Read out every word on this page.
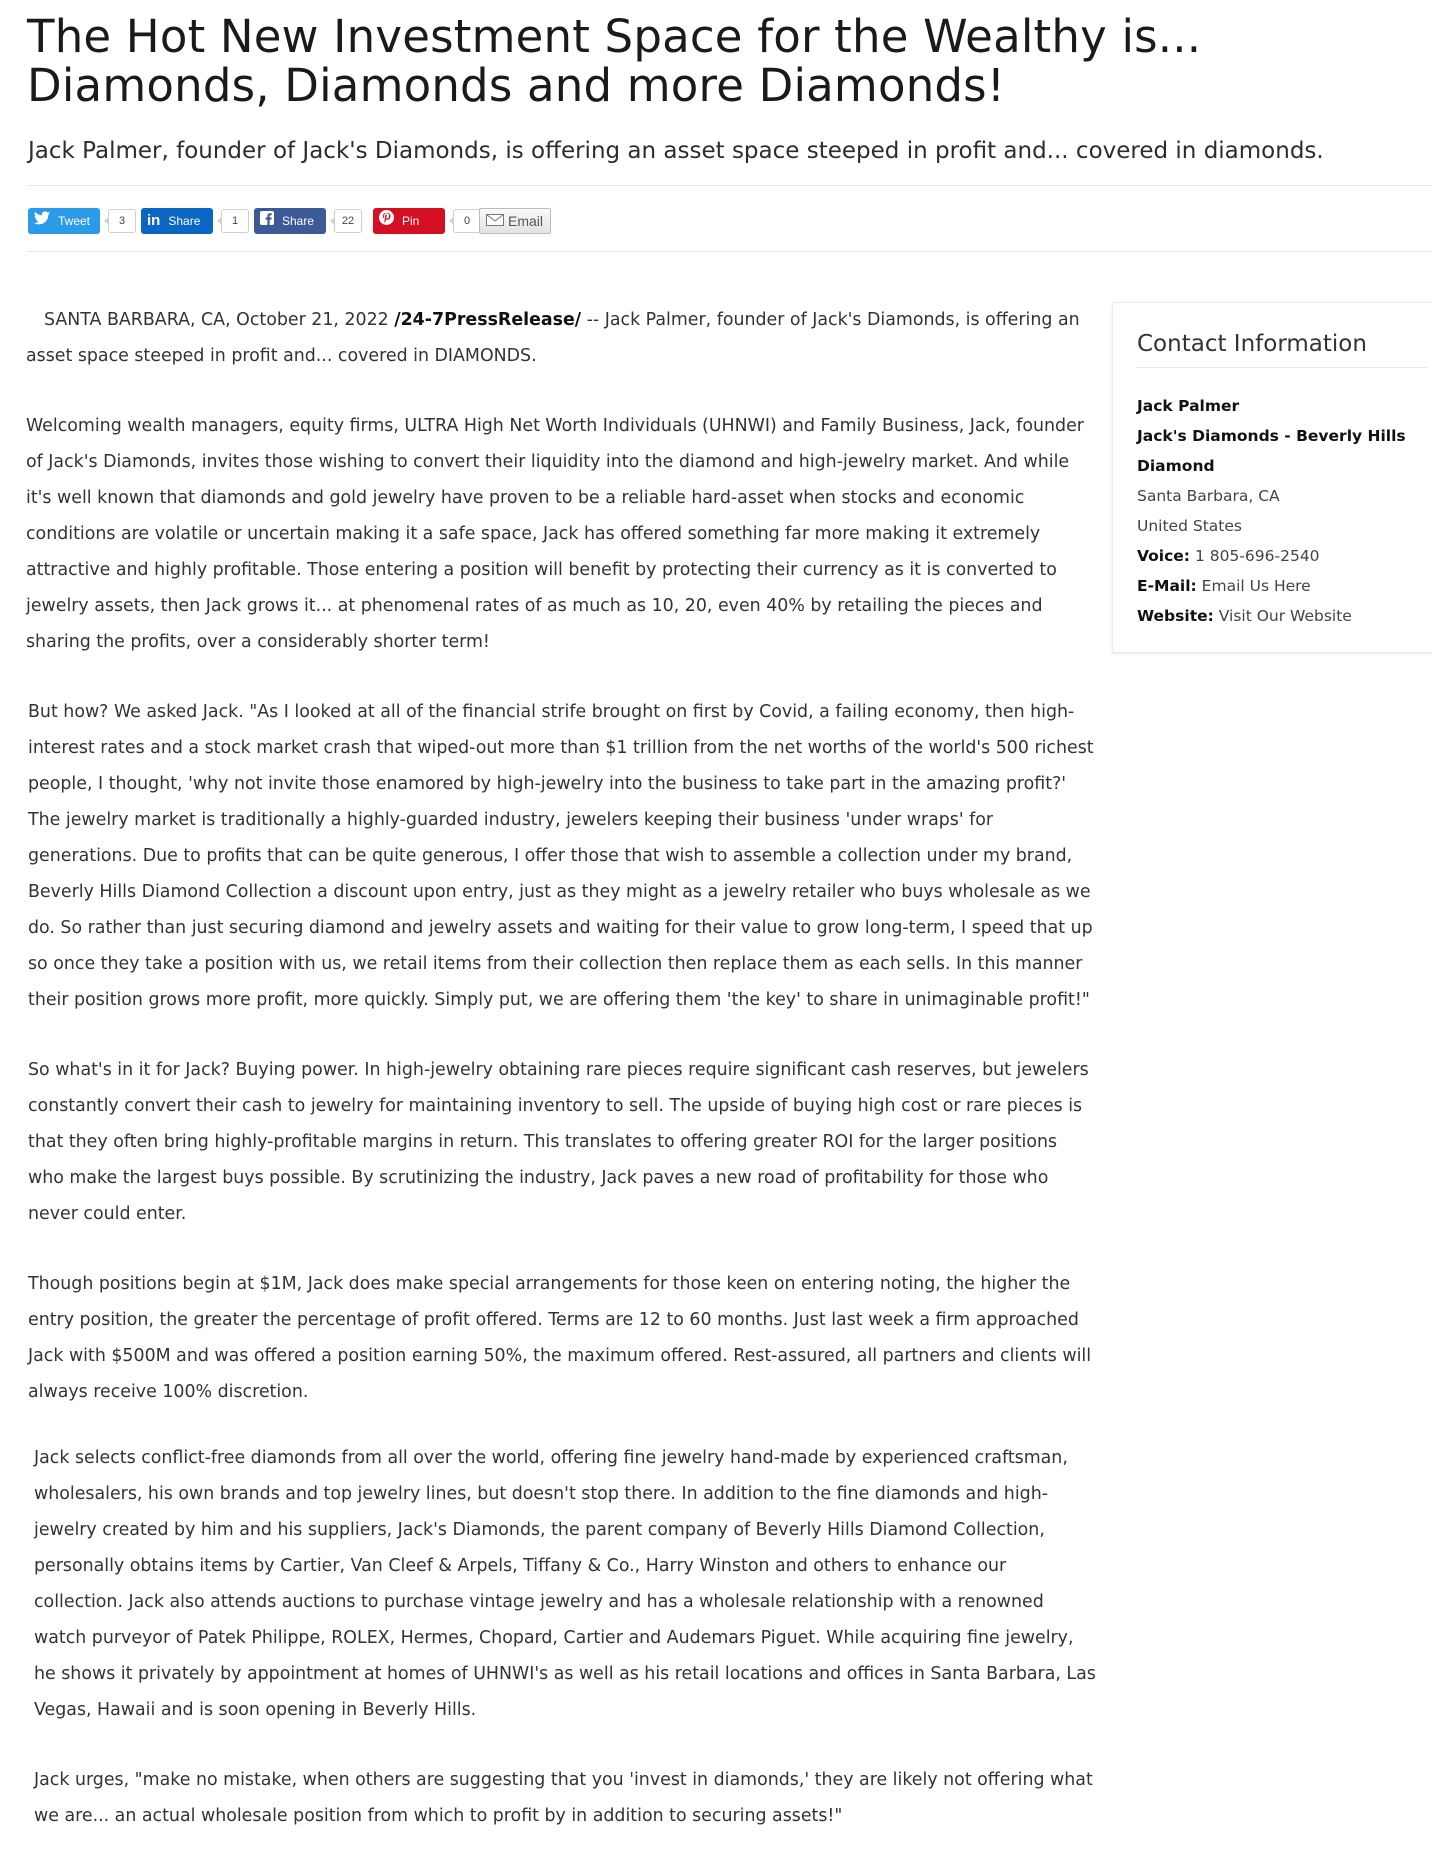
The Hot New Investment Space for the Wealthy is... Diamonds, Diamonds and more Diamonds!
Jack Palmer, founder of Jack's Diamonds, is offering an asset space steeped in profit and... covered in diamonds.
Tweet	3	in Share	1	Share	22	Pin	0	Email

SANTA BARBARA, CA, October 21, 2022 /24-7PressRelease/ -- Jack Palmer, founder of Jack's Diamonds, is offering an asset space steeped in profit and... covered in DIAMONDS.

Welcoming wealth managers, equity firms, ULTRA High Net Worth Individuals (UHNWI) and Family Business, Jack, founder of Jack's Diamonds, invites those wishing to convert their liquidity into the diamond and high-jewelry market. And while it's well known that diamonds and gold jewelry have proven to be a reliable hard-asset when stocks and economic conditions are volatile or uncertain making it a safe space, Jack has offered something far more making it extremely attractive and highly profitable. Those entering a position will benefit by protecting their currency as it is converted to jewelry assets, then Jack grows it... at phenomenal rates of as much as 10, 20, even 40% by retailing the pieces and sharing the profits, over a considerably shorter term!

But how? We asked Jack. "As I looked at all of the financial strife brought on first by Covid, a failing economy, then high-interest rates and a stock market crash that wiped-out more than $1 trillion from the net worths of the world's 500 richest people, I thought, 'why not invite those enamored by high-jewelry into the business to take part in the amazing profit?' The jewelry market is traditionally a highly-guarded industry, jewelers keeping their business 'under wraps' for generations. Due to profits that can be quite generous, I offer those that wish to assemble a collection under my brand, Beverly Hills Diamond Collection a discount upon entry, just as they might as a jewelry retailer who buys wholesale as we do. So rather than just securing diamond and jewelry assets and waiting for their value to grow long-term, I speed that up so once they take a position with us, we retail items from their collection then replace them as each sells. In this manner their position grows more profit, more quickly. Simply put, we are offering them 'the key' to share in unimaginable profit!"

So what's in it for Jack? Buying power. In high-jewelry obtaining rare pieces require significant cash reserves, but jewelers constantly convert their cash to jewelry for maintaining inventory to sell. The upside of buying high cost or rare pieces is that they often bring highly-profitable margins in return. This translates to offering greater ROI for the larger positions who make the largest buys possible. By scrutinizing the industry, Jack paves a new road of profitability for those who never could enter.

Though positions begin at $1M, Jack does make special arrangements for those keen on entering noting, the higher the entry position, the greater the percentage of profit offered. Terms are 12 to 60 months. Just last week a firm approached Jack with $500M and was offered a position earning 50%, the maximum offered. Rest-assured, all partners and clients will always receive 100% discretion.

Jack selects conflict-free diamonds from all over the world, offering fine jewelry hand-made by experienced craftsman, wholesalers, his own brands and top jewelry lines, but doesn't stop there. In addition to the fine diamonds and high-jewelry created by him and his suppliers, Jack's Diamonds, the parent company of Beverly Hills Diamond Collection, personally obtains items by Cartier, Van Cleef & Arpels, Tiffany & Co., Harry Winston and others to enhance our collection. Jack also attends auctions to purchase vintage jewelry and has a wholesale relationship with a renowned watch purveyor of Patek Philippe, ROLEX, Hermes, Chopard, Cartier and Audemars Piguet. While acquiring fine jewelry, he shows it privately by appointment at homes of UHNWI's as well as his retail locations and offices in Santa Barbara, Las Vegas, Hawaii and is soon opening in Beverly Hills.

Jack urges, "make no mistake, when others are suggesting that you 'invest in diamonds,' they are likely not offering what we are... an actual wholesale position from which to profit by in addition to securing assets!"

Contact Information
Jack Palmer
Jack's Diamonds - Beverly Hills Diamond
Santa Barbara, CA
United States
Voice: 1 805-696-2540
E-Mail: Email Us Here
Website: Visit Our Website
